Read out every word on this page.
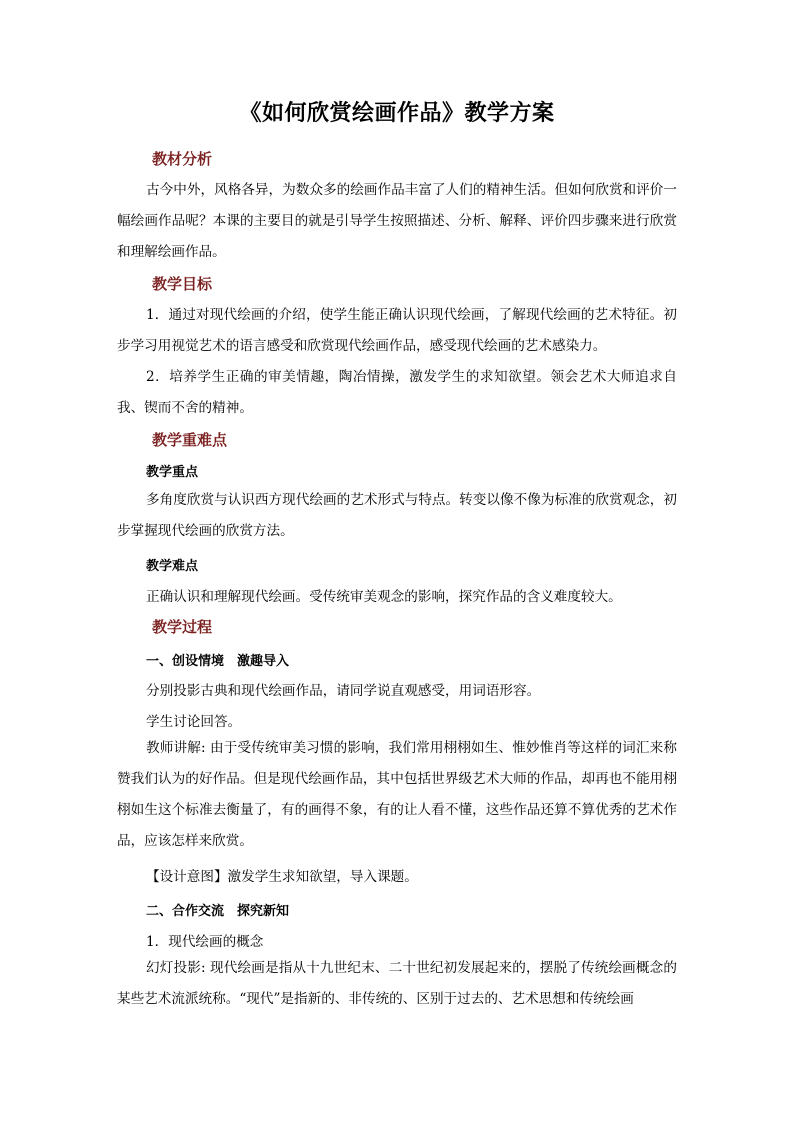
《如何欣赏绘画作品》教学方案
教材分析

古今中外，风格各异，为数众多的绘画作品丰富了人们的精神生活。但如何欣赏和评价一幅绘画作品呢？本课的主要目的就是引导学生按照描述、分析、解释、评价四步骤来进行欣赏和理解绘画作品。

教学目标

1．通过对现代绘画的介绍，使学生能正确认识现代绘画，了解现代绘画的艺术特征。初步学习用视觉艺术的语言感受和欣赏现代绘画作品，感受现代绘画的艺术感染力。

2．培养学生正确的审美情趣，陶冶情操，激发学生的求知欲望。领会艺术大师追求自我、锲而不舍的精神。

教学重难点
教学重点

多角度欣赏与认识西方现代绘画的艺术形式与特点。转变以像不像为标准的欣赏观念，初步掌握现代绘画的欣赏方法。

教学难点
正确认识和理解现代绘画。受传统审美观念的影响，探究作品的含义难度较大。
教学过程
一、创设情境　激趣导入
分别投影古典和现代绘画作品，请同学说直观感受，用词语形容。
学生讨论回答。

教师讲解: 由于受传统审美习惯的影响，我们常用栩栩如生、惟妙惟肖等这样的词汇来称赞我们认为的好作品。但是现代绘画作品，其中包括世界级艺术大师的作品，却再也不能用栩栩如生这个标准去衡量了，有的画得不象，有的让人看不懂，这些作品还算不算优秀的艺术作品，应该怎样来欣赏。

【设计意图】激发学生求知欲望，导入课题。
二、合作交流　探究新知
1．现代绘画的概念

幻灯投影: 现代绘画是指从十九世纪末、二十世纪初发展起来的，摆脱了传统绘画概念的某些艺术流派统称。“现代”是指新的、非传统的、区别于过去的、艺术思想和传统绘画
